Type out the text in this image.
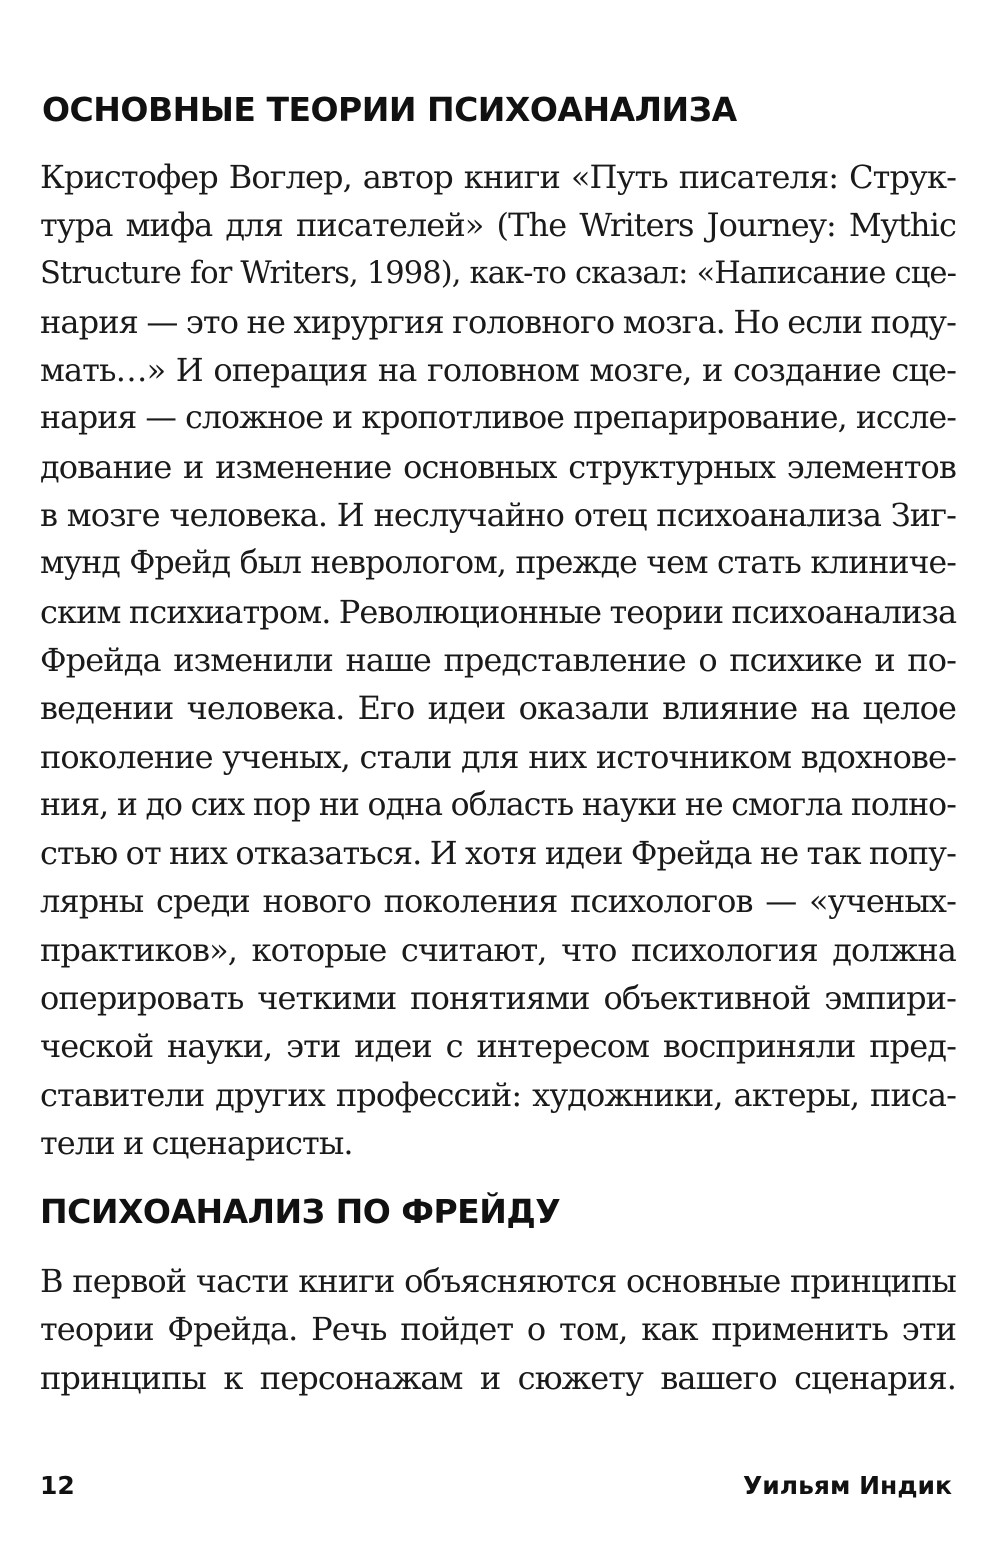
ОСНОВНЫЕ ТЕОРИИ ПСИХОАНАЛИЗА
Кристофер Воглер, автор книги «Путь писателя: Струк-
тура мифа для писателей» (The Writers Journey: Mythic
Structure for Writers, 1998), как-то сказал: «Написание сце-
нария — это не хирургия головного мозга. Но если поду-
мать…» И операция на головном мозге, и создание сце-
нария — сложное и кропотливое препарирование, иссле-
дование и изменение основных структурных элементов
в мозге человека. И неслучайно отец психоанализа Зиг-
мунд Фрейд был неврологом, прежде чем стать клиниче-
ским психиатром. Революционные теории психоанализа
Фрейда изменили наше представление о психике и по-
ведении человека. Его идеи оказали влияние на целое
поколение ученых, стали для них источником вдохнове-
ния, и до сих пор ни одна область науки не смогла полно-
стью от них отказаться. И хотя идеи Фрейда не так попу-
лярны среди нового поколения психологов — «ученых-
практиков», которые считают, что психология должна
оперировать четкими понятиями объективной эмпири-
ческой науки, эти идеи с интересом восприняли пред-
ставители других профессий: художники, актеры, писа-
тели и сценаристы.
ПСИХОАНАЛИЗ ПО ФРЕЙДУ
В первой части книги объясняются основные принципы
теории Фрейда. Речь пойдет о том, как применить эти
принципы к персонажам и сюжету вашего сценария.
12	Уильям Индик
